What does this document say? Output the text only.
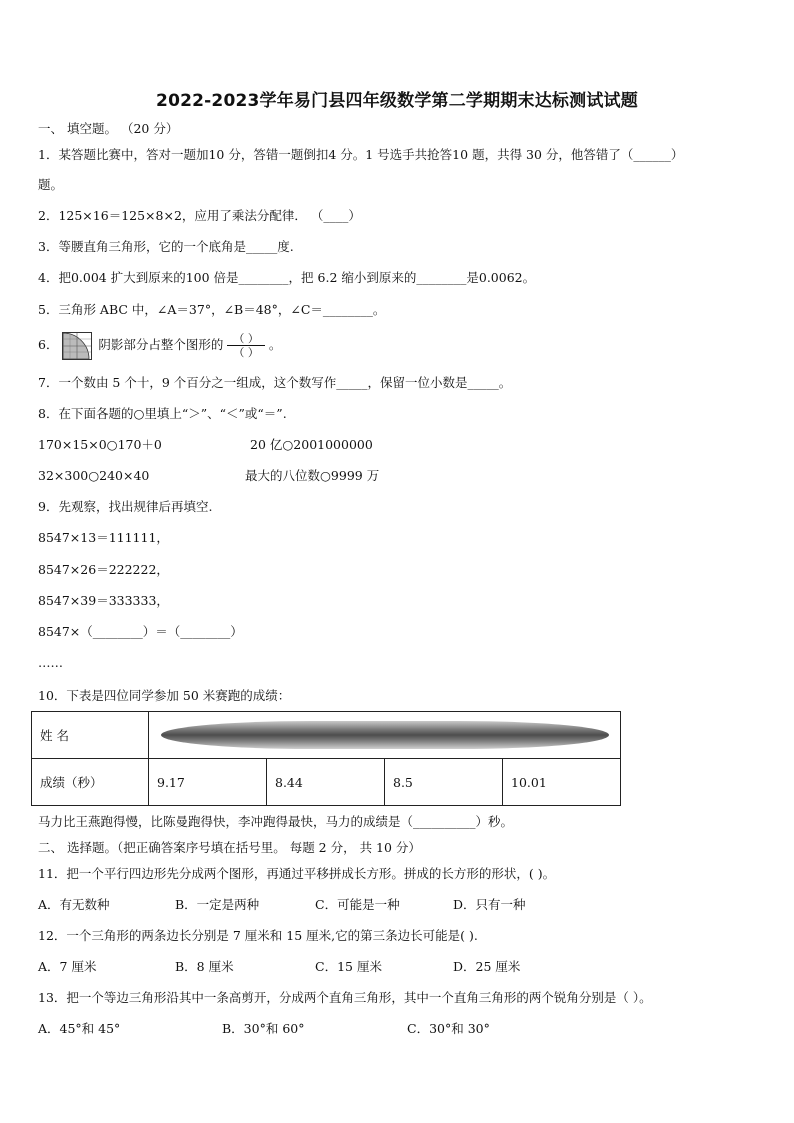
2022-2023学年易门县四年级数学第二学期期末达标测试试题
一、 填空题。 （20 分）
1．某答题比赛中，答对一题加10 分，答错一题倒扣4 分。1 号选手共抢答10 题，共得 30 分，他答错了（______）
题。
2．125×16＝125×8×2，应用了乘法分配律． （____）
3．等腰直角三角形，它的一个底角是_____度.
4．把0.004 扩大到原来的100 倍是________，把 6.2 缩小到原来的________是0.0062。
5．三角形 ABC 中，∠A＝37°，∠B＝48°，∠C＝________。
6．	阴影部分占整个图形的 $\frac{( )}{( )}$ 。
7．一个数由 5 个十，9 个百分之一组成，这个数写作_____，保留一位小数是_____。
8．在下面各题的○里填上“＞”、“＜”或“＝”.
170×15×0○170＋0	20 亿○2001000000
32×300○240×40	最大的八位数○9999 万
9．先观察，找出规律后再填空.
8547×13＝111111，
8547×26＝222222，
8547×39＝333333，
8547×（________）＝（________）
……
10．下表是四位同学参加 50 米赛跑的成绩：
姓 名				

成绩（秒）	9.17	8.44	8.5	10.01
马力比王燕跑得慢，比陈曼跑得快，李冲跑得最快，马力的成绩是（__________）秒。
二、 选择题。（把正确答案序号填在括号里。 每题 2 分， 共 10 分）
11．把一个平行四边形先分成两个图形，再通过平移拼成长方形。拼成的长方形的形状，( )。
A．有无数种	B．一定是两种	C．可能是一种	D．只有一种
12．一个三角形的两条边长分别是 7 厘米和 15 厘米,它的第三条边长可能是( ).
A．7 厘米	B．8 厘米	C．15 厘米	D．25 厘米
13．把一个等边三角形沿其中一条高剪开，分成两个直角三角形，其中一个直角三角形的两个锐角分别是（ ）。
A．45°和 45°	B．30°和 60°	C．30°和 30°
